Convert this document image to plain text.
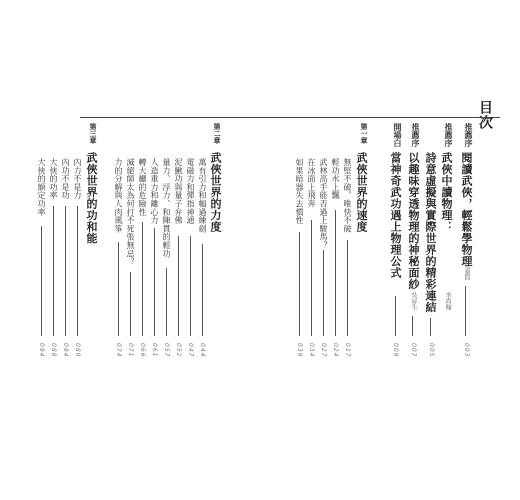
目次
推薦序
閱讀武俠，輕鬆學物理
吳嘉賢
003
推薦序
武俠中讀物理：
詩意虛擬與實際世界的精彩連結 李尚翰
005
推薦序
以趣味穿透物理的神秘面紗
吳昇生
007
開場白
當神奇武功遇上物理公式
009
第一章
武俠世界的速度
無堅不破，唯快不破
017
輕功水上飄
024
武林高手能否過上駿馬？
027
在冰面上飛奔
034
如果暗器失去慣性
039
第二章
武俠世界的力度
萬有引力和幅過練劍
044
電磁力和彈指神通
047
泥鰍功與量子弁佛
052
量力、浮力、和陳貫的輕功
057
人造重力和離心力
061
轉大廳的危險性
066
滅絕師太為何打不死張無忌？
071
力的分解與人肉風筝
074
第三章
武俠世界的功和能
內力不是力
080
內功不是功
084
大俠的功率
088
大俠的額定功率
094
